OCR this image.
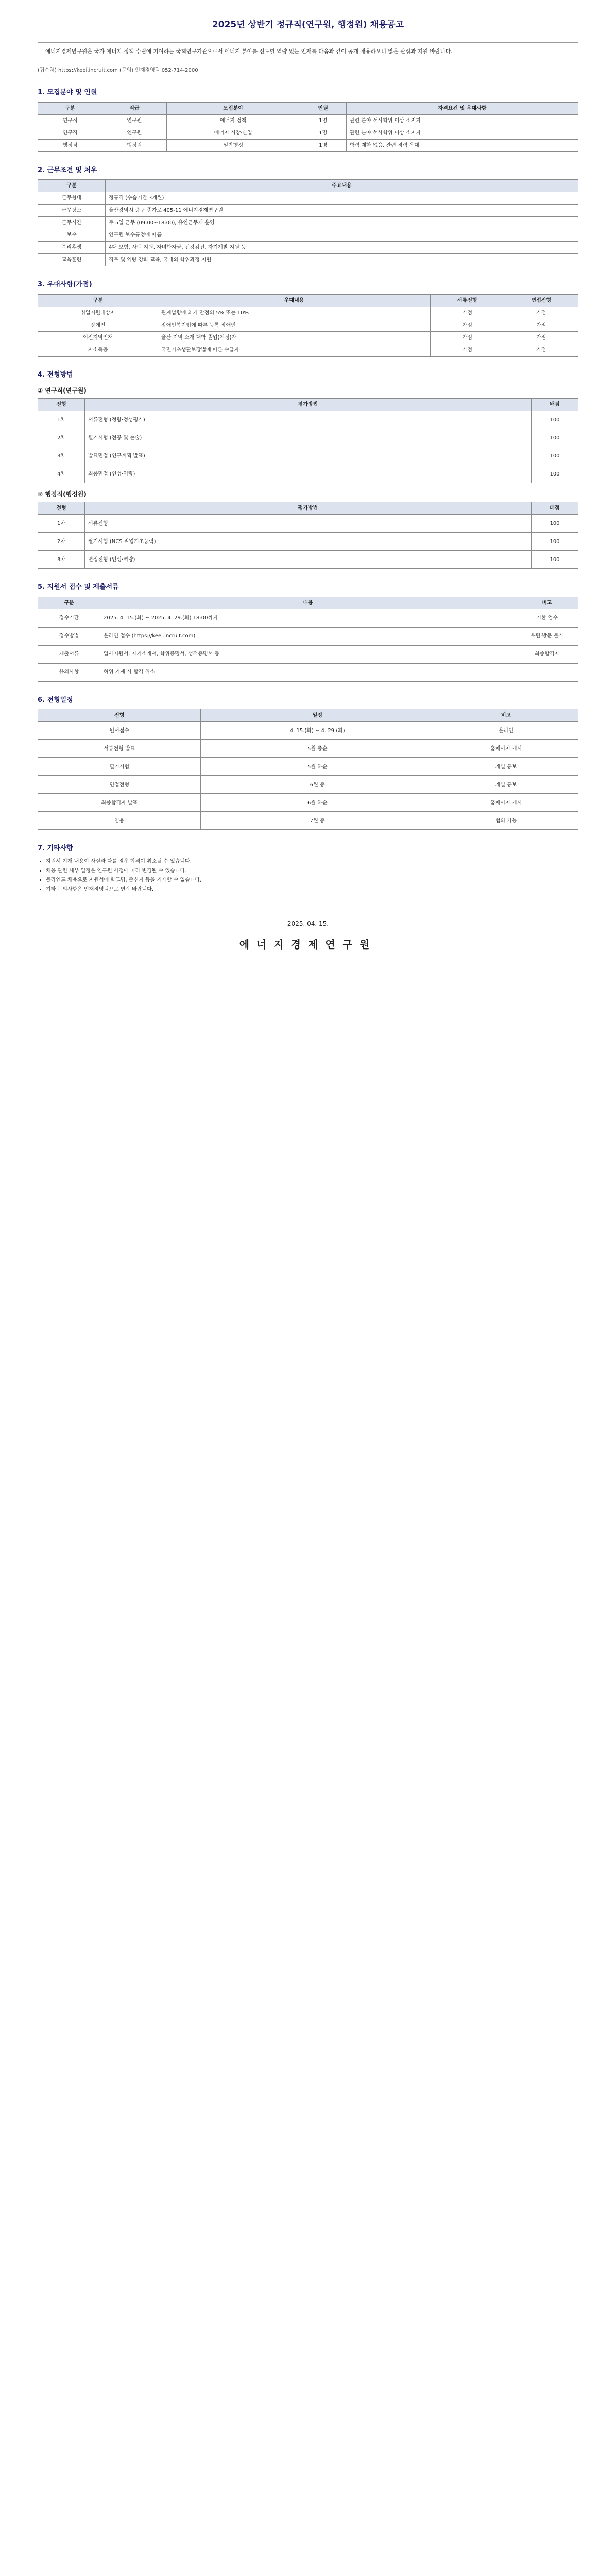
2025년 상반기 정규직(연구원, 행정원) 채용공고
에너지경제연구원은 국가 에너지 정책 수립에 기여하는 국책연구기관으로서 에너지 분야를 선도할 역량 있는 인재를 다음과 같이 공개 채용하오니 많은 관심과 지원 바랍니다.
(접수처) https://keei.incruit.com (문의) 인재경영팀 052-714-2000
1. 모집분야 및 인원
구분	직급	모집분야	인원	자격요건 및 우대사항
연구직	연구원	에너지 정책	1명	관련 분야 석사학위 이상 소지자
연구직	연구원	에너지 시장·산업	1명	관련 분야 석사학위 이상 소지자
행정직	행정원	일반행정	1명	학력 제한 없음, 관련 경력 우대
2. 근무조건 및 처우
구분	주요내용
근무형태	정규직 (수습기간 3개월)
근무장소	울산광역시 중구 종가로 405-11 에너지경제연구원
근무시간	주 5일 근무 (09:00~18:00), 유연근무제 운영
보수	연구원 보수규정에 따름
복리후생	4대 보험, 사택 지원, 자녀학자금, 건강검진, 자기계발 지원 등
교육훈련	직무 및 역량 강화 교육, 국내외 학위과정 지원
3. 우대사항(가점)
구분	우대내용	서류전형	면접전형
취업지원대상자	관계법령에 의거 만점의 5% 또는 10%	가점	가점
장애인	장애인복지법에 따른 등록 장애인	가점	가점
이전지역인재	울산 지역 소재 대학 졸업(예정)자	가점	가점
저소득층	국민기초생활보장법에 따른 수급자	가점	가점
4. 전형방법
① 연구직(연구원)
전형	평가방법	배점
1차	서류전형 (정량·정성평가)	100
2차	필기시험 (전공 및 논술)	100
3차	발표면접 (연구계획 발표)	100
4차	최종면접 (인성·역량)	100
② 행정직(행정원)
전형	평가방법	배점
1차	서류전형	100
2차	필기시험 (NCS 직업기초능력)	100
3차	면접전형 (인성·역량)	100
5. 지원서 접수 및 제출서류
구분	내용	비고
접수기간	2025. 4. 15.(화) ~ 2025. 4. 29.(화) 18:00까지	기한 엄수
접수방법	온라인 접수 (https://keei.incruit.com)	우편·방문 불가
제출서류	입사지원서, 자기소개서, 학위증명서, 성적증명서 등	최종합격자
유의사항	허위 기재 시 합격 취소	
6. 전형일정
전형	일정	비고
원서접수	4. 15.(화) ~ 4. 29.(화)	온라인
서류전형 발표	5월 중순	홈페이지 게시
필기시험	5월 하순	개별 통보
면접전형	6월 중	개별 통보
최종합격자 발표	6월 하순	홈페이지 게시
임용	7월 중	협의 가능
7. 기타사항
• 지원서 기재 내용이 사실과 다를 경우 합격이 취소될 수 있습니다.
• 채용 관련 세부 일정은 연구원 사정에 따라 변경될 수 있습니다.
• 블라인드 채용으로 지원서에 학교명, 출신지 등을 기재할 수 없습니다.
• 기타 문의사항은 인재경영팀으로 연락 바랍니다.
2025. 04. 15.
에너지경제연구원
